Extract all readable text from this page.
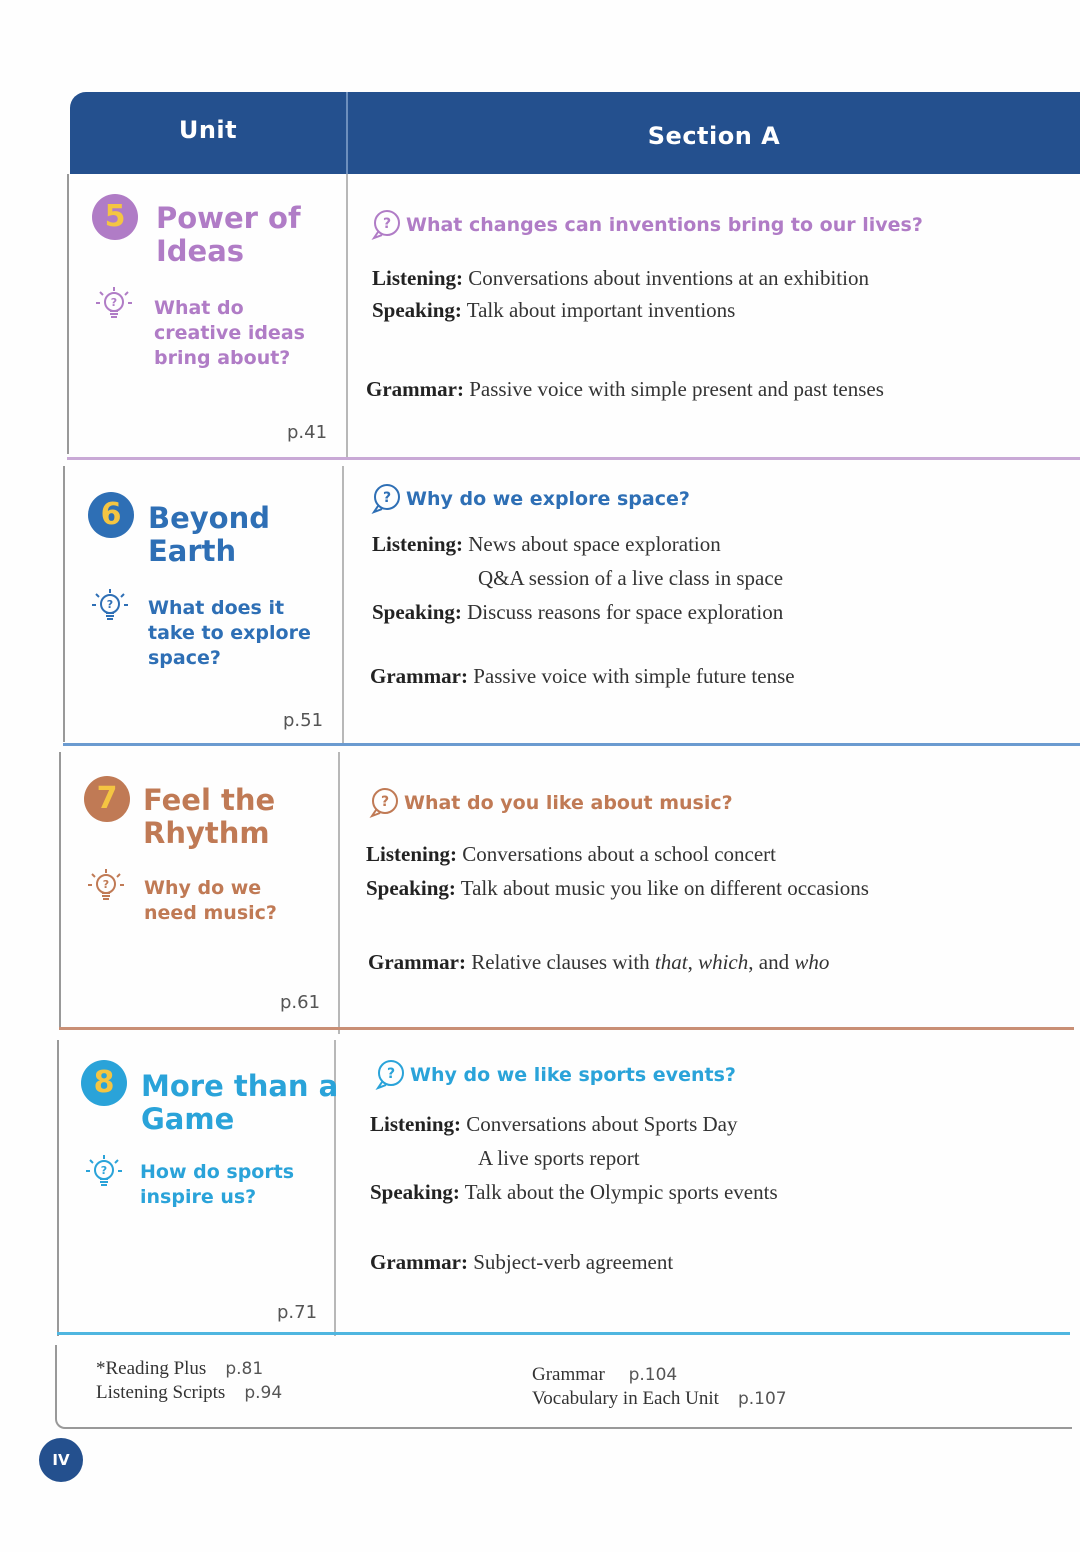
Unit	Section A
5	Power of
Ideas
? What do
creative ideas
bring about?
p.41
? What changes can inventions bring to our lives?
Listening: Conversations about inventions at an exhibition
Speaking: Talk about important inventions
Grammar: Passive voice with simple present and past tenses
6 Beyond
Earth
? What does it
take to explore
space?
p.51
? Why do we explore space?
Listening: News about space exploration
Q&A session of a live class in space
Speaking: Discuss reasons for space exploration
Grammar: Passive voice with simple future tense
7 Feel the
Rhythm
? Why do we
need music?
p.61
? What do you like about music?
Listening: Conversations about a school concert
Speaking: Talk about music you like on different occasions
Grammar: Relative clauses with that, which, and who
8 More than a
Game
? How do sports
inspire us?
p.71
? Why do we like sports events?
Listening: Conversations about Sports Day
A live sports report
Speaking: Talk about the Olympic sports events
Grammar: Subject-verb agreement
*Reading Plus p.81
Listening Scripts p.94
Grammar p.104
Vocabulary in Each Unit p.107
IV
